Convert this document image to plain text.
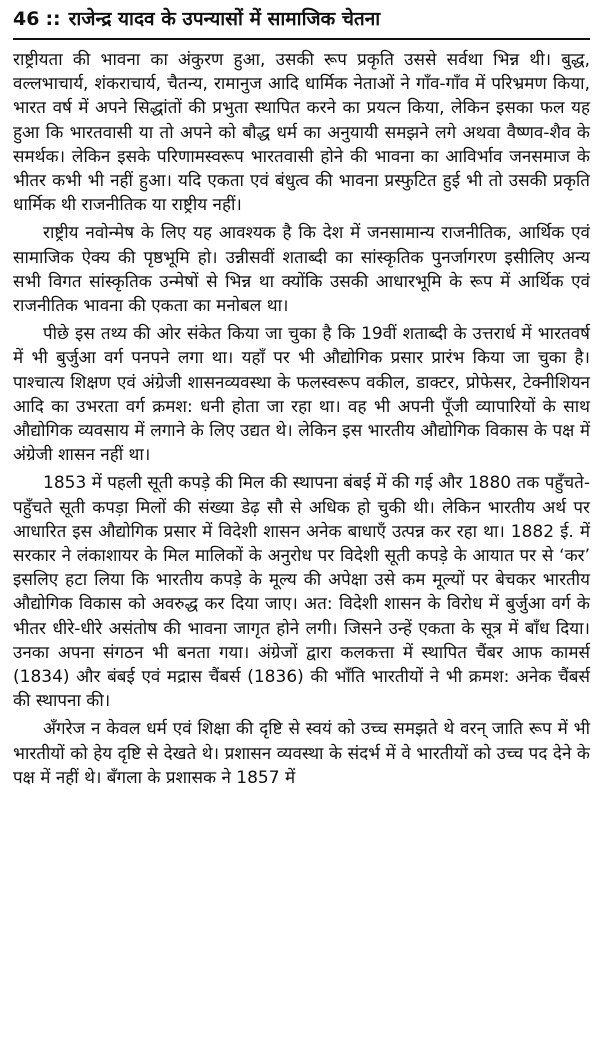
46 :: राजेन्द्र यादव के उपन्यासों में सामाजिक चेतना

राष्ट्रीयता की भावना का अंकुरण हुआ, उसकी रूप प्रकृति उससे सर्वथा भिन्न थी। बुद्ध, वल्लभाचार्य, शंकराचार्य, चैतन्य, रामानुज आदि धार्मिक नेताओं ने गाँव-गाँव में परिभ्रमण किया, भारत वर्ष में अपने सिद्धांतों की प्रभुता स्थापित करने का प्रयत्न किया, लेकिन इसका फल यह हुआ कि भारतवासी या तो अपने को बौद्ध धर्म का अनुयायी समझने लगे अथवा वैष्णव-शैव के समर्थक। लेकिन इसके परिणामस्वरूप भारतवासी होने की भावना का आविर्भाव जनसमाज के भीतर कभी भी नहीं हुआ। यदि एकता एवं बंधुत्व की भावना प्रस्फुटित हुई भी तो उसकी प्रकृति धार्मिक थी राजनीतिक या राष्ट्रीय नहीं।

राष्ट्रीय नवोन्मेष के लिए यह आवश्यक है कि देश में जनसामान्य राजनीतिक, आर्थिक एवं सामाजिक ऐक्य की पृष्ठभूमि हो। उन्नीसवीं शताब्दी का सांस्कृतिक पुनर्जागरण इसीलिए अन्य सभी विगत सांस्कृतिक उन्मेषों से भिन्न था क्योंकि उसकी आधारभूमि के रूप में आर्थिक एवं राजनीतिक भावना की एकता का मनोबल था।

पीछे इस तथ्य की ओर संकेत किया जा चुका है कि 19वीं शताब्दी के उत्तरार्ध में भारतवर्ष में भी बुर्जुआ वर्ग पनपने लगा था। यहाँ पर भी औद्योगिक प्रसार प्रारंभ किया जा चुका है। पाश्चात्य शिक्षण एवं अंग्रेजी शासनव्यवस्था के फलस्वरूप वकील, डाक्टर, प्रोफेसर, टेक्नीशियन आदि का उभरता वर्ग क्रमश: धनी होता जा रहा था। वह भी अपनी पूँजी व्यापारियों के साथ औद्योगिक व्यवसाय में लगाने के लिए उद्यत थे। लेकिन इस भारतीय औद्योगिक विकास के पक्ष में अंग्रेजी शासन नहीं था।

1853 में पहली सूती कपड़े की मिल की स्थापना बंबई में की गई और 1880 तक पहुँचते-पहुँचते सूती कपड़ा मिलों की संख्या डेढ़ सौ से अधिक हो चुकी थी। लेकिन भारतीय अर्थ पर आधारित इस औद्योगिक प्रसार में विदेशी शासन अनेक बाधाएँ उत्पन्न कर रहा था। 1882 ई. में सरकार ने लंकाशायर के मिल मालिकों के अनुरोध पर विदेशी सूती कपड़े के आयात पर से ‘कर’ इसलिए हटा लिया कि भारतीय कपड़े के मूल्य की अपेक्षा उसे कम मूल्यों पर बेचकर भारतीय औद्योगिक विकास को अवरुद्ध कर दिया जाए। अत: विदेशी शासन के विरोध में बुर्जुआ वर्ग के भीतर धीरे-धीरे असंतोष की भावना जागृत होने लगी। जिसने उन्हें एकता के सूत्र में बाँध दिया। उनका अपना संगठन भी बनता गया। अंग्रेजों द्वारा कलकत्ता में स्थापित चैंबर आफ कामर्स (1834) और बंबई एवं मद्रास चैंबर्स (1836) की भाँति भारतीयों ने भी क्रमश: अनेक चैंबर्स की स्थापना की।

अँगरेज न केवल धर्म एवं शिक्षा की दृष्टि से स्वयं को उच्च समझते थे वरन् जाति रूप में भी भारतीयों को हेय दृष्टि से देखते थे। प्रशासन व्यवस्था के संदर्भ में वे भारतीयों को उच्च पद देने के पक्ष में नहीं थे। बँगला के प्रशासक ने 1857 में
